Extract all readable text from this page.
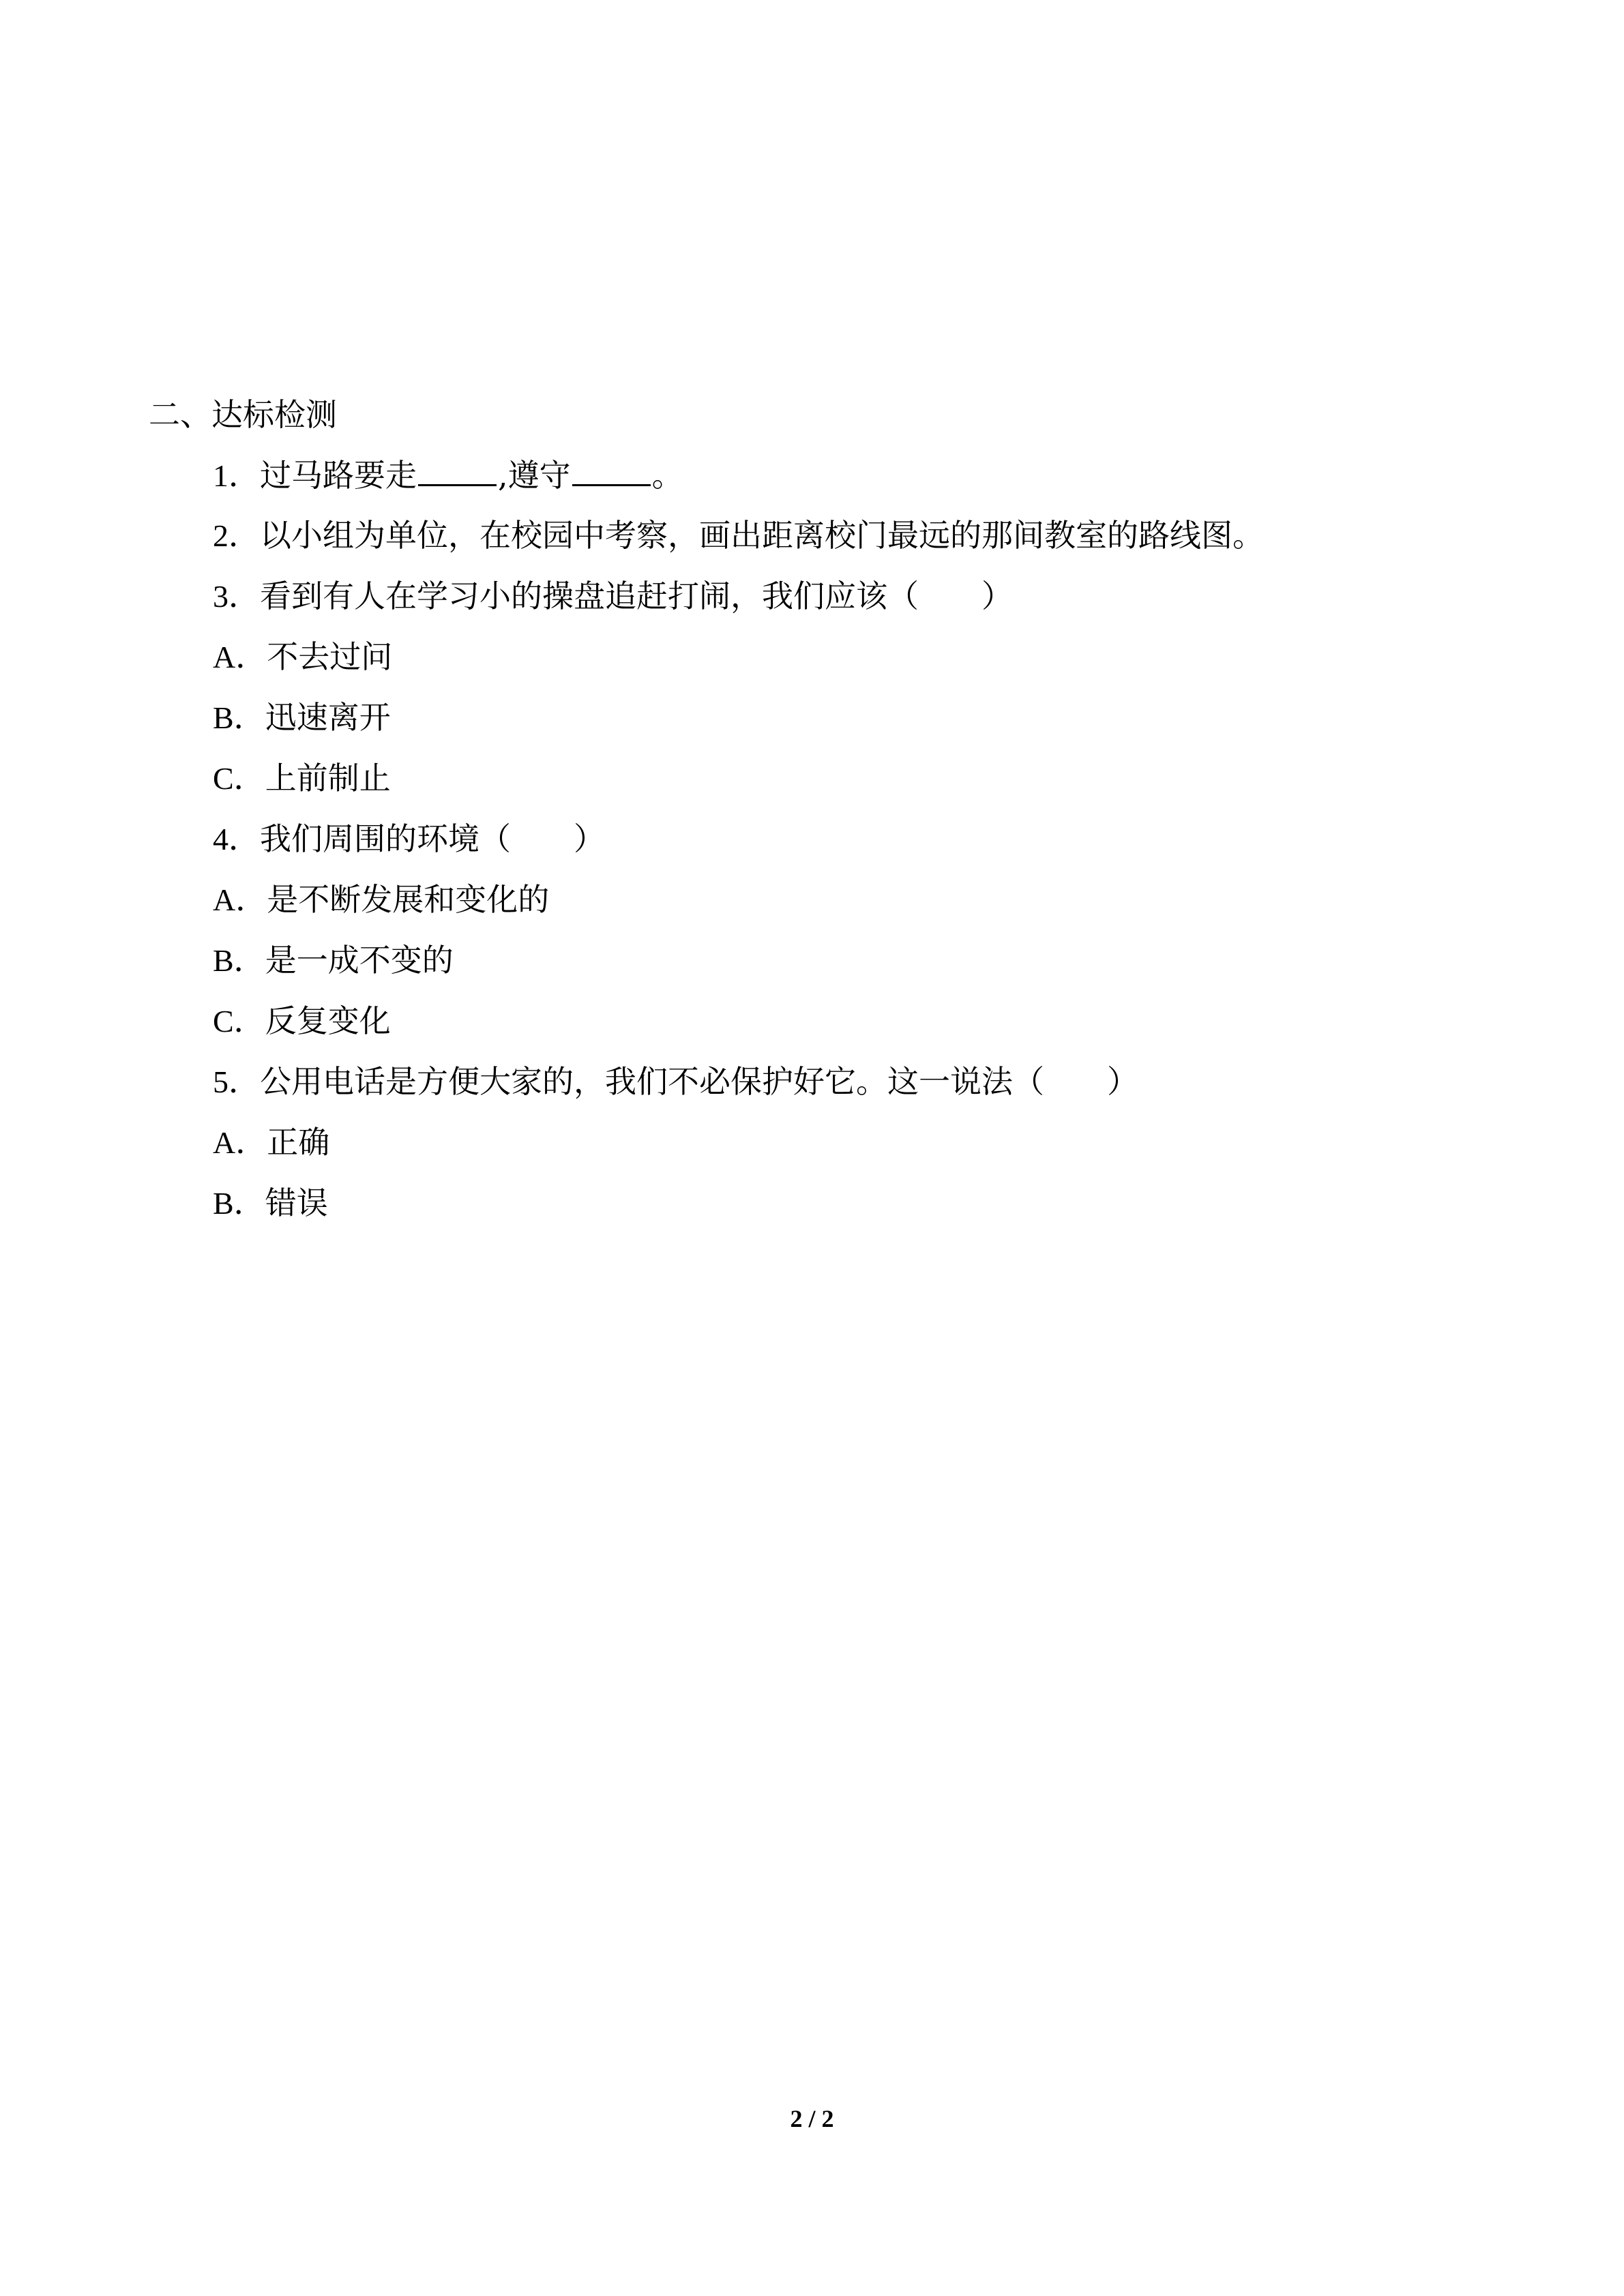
二、达标检测
1．过马路要走	,遵守	。
2．以小组为单位，在校园中考察，画出距离校门最远的那间教室的路线图。
3．看到有人在学习小的操盘追赶打闹，我们应该（　　）
A．不去过问
B．迅速离开
C．上前制止
4．我们周围的环境（　　）
A．是不断发展和变化的
B．是一成不变的
C．反复变化
5．公用电话是方便大家的，我们不必保护好它。这一说法（　　）
A．正确
B．错误
2 / 2
